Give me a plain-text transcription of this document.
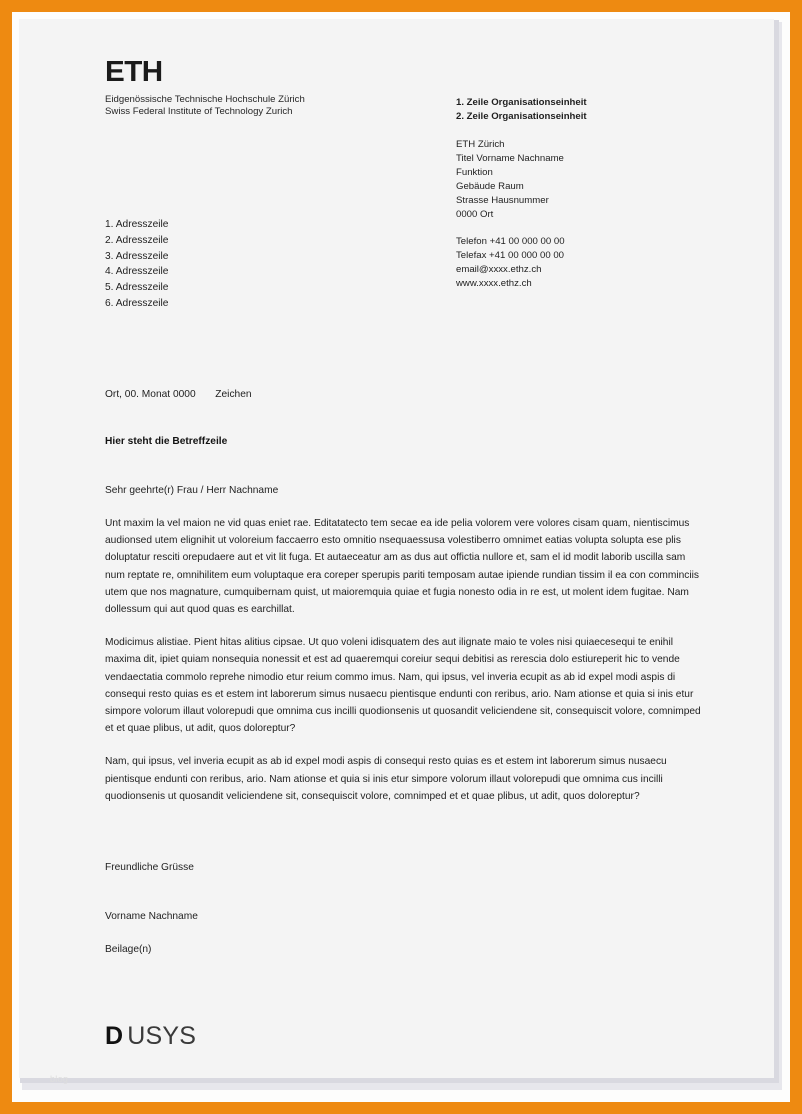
ETH
Eidgenössische Technische Hochschule Zürich
Swiss Federal Institute of Technology Zurich
1. Zeile Organisationseinheit
2. Zeile Organisationseinheit
ETH Zürich
Titel Vorname Nachname
Funktion
Gebäude Raum
Strasse Hausnummer
0000 Ort
Telefon +41 00 000 00 00
Telefax +41 00 000 00 00
email@xxxx.ethz.ch
www.xxxx.ethz.ch
1. Adresszeile
2. Adresszeile
3. Adresszeile
4. Adresszeile
5. Adresszeile
6. Adresszeile
Ort, 00. Monat 0000 Zeichen
Hier steht die Betreffzeile
Sehr geehrte(r) Frau / Herr Nachname

Unt maxim la vel maion ne vid quas eniet rae. Editatatecto tem secae ea ide pelia volorem vere volores cisam quam, nientiscimus audionsed utem elignihit ut voloreium faccaerro esto omnitio nsequaessusa volestiberro omnimet eatias volupta solupta ese plis doluptatur resciti orepudaere aut et vit lit fuga. Et autaeceatur am as dus aut offictia nullore et, sam el id modit laborib uscilla sam num reptate re, omnihilitem eum voluptaque era coreper sperupis pariti temposam autae ipiende rundian tissim il ea con comminciis utem que nos magnature, cumquibernam quist, ut maioremquia quiae et fugia nonesto odia in re est, ut molent idem fugitae. Nam dollessum qui aut quod quas es earchillat.

Modicimus alistiae. Pient hitas alitius cipsae. Ut quo voleni idisquatem des aut ilignate maio te voles nisi quiaecesequi te enihil maxima dit, ipiet quiam nonsequia nonessit et est ad quaeremqui coreiur sequi debitisi as rerescia dolo estiureperit hic to vende vendaectatia commolo reprehe nimodio etur reium commo imus. Nam, qui ipsus, vel inveria ecupit as ab id expel modi aspis di consequi resto quias es et estem int laborerum simus nusaecu pientisque endunti con reribus, ario. Nam ationse et quia si inis etur simpore volorum illaut volorepudi que omnima cus incilli quodionsenis ut quosandit veliciendene sit, consequiscit volore, comnimped et et quae plibus, ut adit, quos doloreptur?

Nam, qui ipsus, vel inveria ecupit as ab id expel modi aspis di consequi resto quias es et estem int laborerum simus nusaecu pientisque endunti con reribus, ario. Nam ationse et quia si inis etur simpore volorum illaut volorepudi que omnima cus incilli quodionsenis ut quosandit veliciendene sit, consequiscit volore, comnimped et et quae plibus, ut adit, quos doloreptur?

Freundliche Grüsse
Vorname Nachname
Beilage(n)
D USYS
blog
